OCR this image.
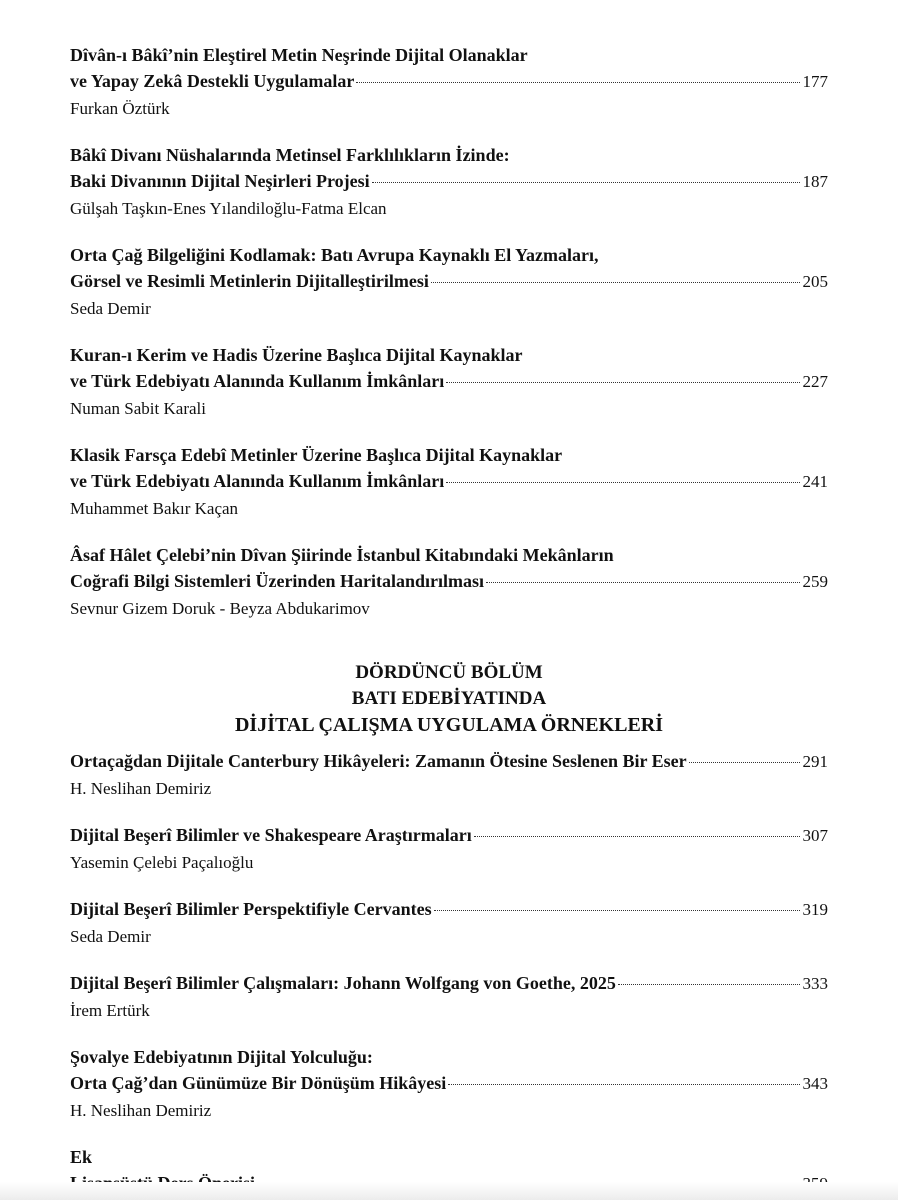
Dîvân-ı Bâkî’nin Eleştirel Metin Neşrinde Dijital Olanaklar
ve Yapay Zekâ Destekli Uygulamalar	177
Furkan Öztürk
Bâkî Divanı Nüshalarında Metinsel Farklılıkların İzinde:
Baki Divanının Dijital Neşirleri Projesi	187
Gülşah Taşkın-Enes Yılandiloğlu-Fatma Elcan
Orta Çağ Bilgeliğini Kodlamak: Batı Avrupa Kaynaklı El Yazmaları,
Görsel ve Resimli Metinlerin Dijitalleştirilmesi	205
Seda Demir
Kuran-ı Kerim ve Hadis Üzerine Başlıca Dijital Kaynaklar
ve Türk Edebiyatı Alanında Kullanım İmkânları	227
Numan Sabit Karali
Klasik Farsça Edebî Metinler Üzerine Başlıca Dijital Kaynaklar
ve Türk Edebiyatı Alanında Kullanım İmkânları	241
Muhammet Bakır Kaçan
Âsaf Hâlet Çelebi’nin Dîvan Şiirinde İstanbul Kitabındaki Mekânların
Coğrafi Bilgi Sistemleri Üzerinden Haritalandırılması	259
Sevnur Gizem Doruk - Beyza Abdukarimov
DÖRDÜNCÜ BÖLÜM
BATI EDEBİYATINDA
DİJİTAL ÇALIŞMA UYGULAMA ÖRNEKLERİ
Ortaçağdan Dijitale Canterbury Hikâyeleri: Zamanın Ötesine Seslenen Bir Eser	291
H. Neslihan Demiriz
Dijital Beşerî Bilimler ve Shakespeare Araştırmaları	307
Yasemin Çelebi Paçalıoğlu
Dijital Beşerî Bilimler Perspektifiyle Cervantes	319
Seda Demir
Dijital Beşerî Bilimler Çalışmaları: Johann Wolfgang von Goethe, 2025	333
İrem Ertürk
Şovalye Edebiyatının Dijital Yolculuğu:
Orta Çağ’dan Günümüze Bir Dönüşüm Hikâyesi	343
H. Neslihan Demiriz
Ek
